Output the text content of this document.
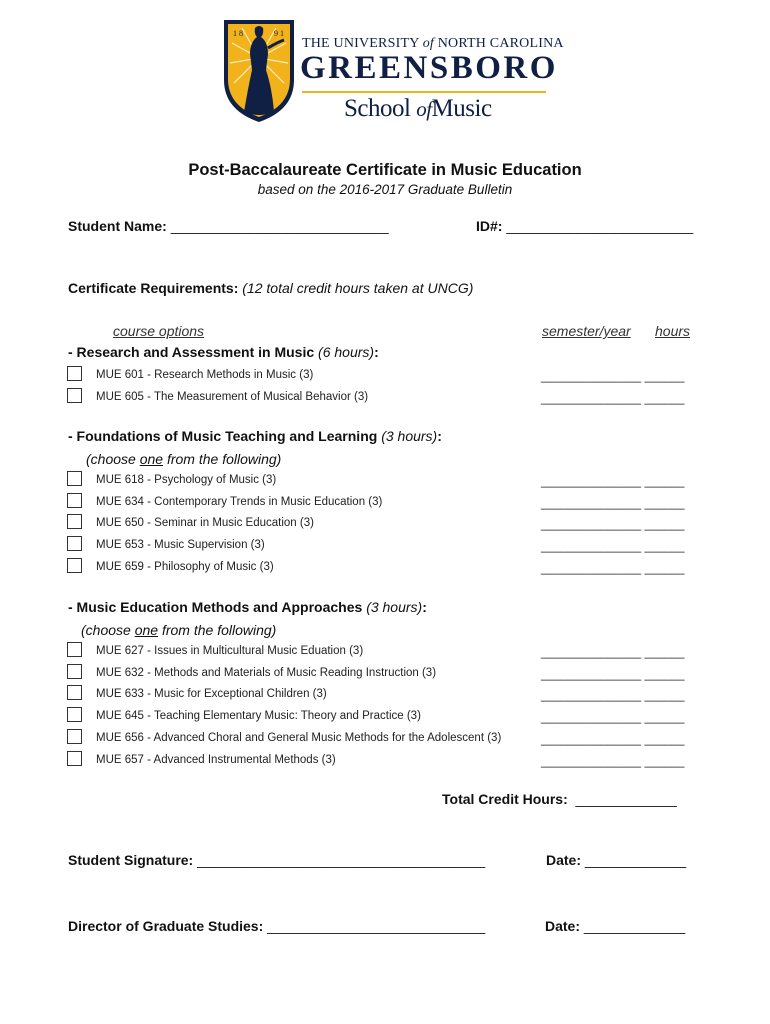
1 8	9 1
THE UNIVERSITY of NORTH CAROLINA
GREENSBORO
School ofMusic
Post-Baccalaureate Certificate in Music Education
based on the 2016-2017 Graduate Bulletin
Student Name: ____________________________	ID#: ________________________
Certificate Requirements: (12 total credit hours taken at UNCG)
course options	semester/year hours
- Research and Assessment in Music (6 hours):
MUE 601 - Research Methods in Music (3)	_______________ ______
MUE 605 - The Measurement of Musical Behavior (3)	_______________ ______
- Foundations of Music Teaching and Learning (3 hours):
(choose one from the following)
MUE 618 - Psychology of Music (3)	_______________ ______
MUE 634 - Contemporary Trends in Music Education (3)	_______________ ______
MUE 650 - Seminar in Music Education (3)	_______________ ______
MUE 653 - Music Supervision (3)	_______________ ______
MUE 659 - Philosophy of Music (3)	_______________ ______
- Music Education Methods and Approaches (3 hours):
(choose one from the following)
MUE 627 - Issues in Multicultural Music Eduation (3)	_______________ ______
MUE 632 - Methods and Materials of Music Reading Instruction (3)	_______________ ______
MUE 633 - Music for Exceptional Children (3)	_______________ ______
MUE 645 - Teaching Elementary Music: Theory and Practice (3)	_______________ ______
MUE 656 - Advanced Choral and General Music Methods for the Adolescent (3)	_______________ ______
MUE 657 - Advanced Instrumental Methods (3)	_______________ ______
Total Credit Hours: _____________
Student Signature: _____________________________________	Date: _____________
Director of Graduate Studies: ____________________________	Date: _____________
